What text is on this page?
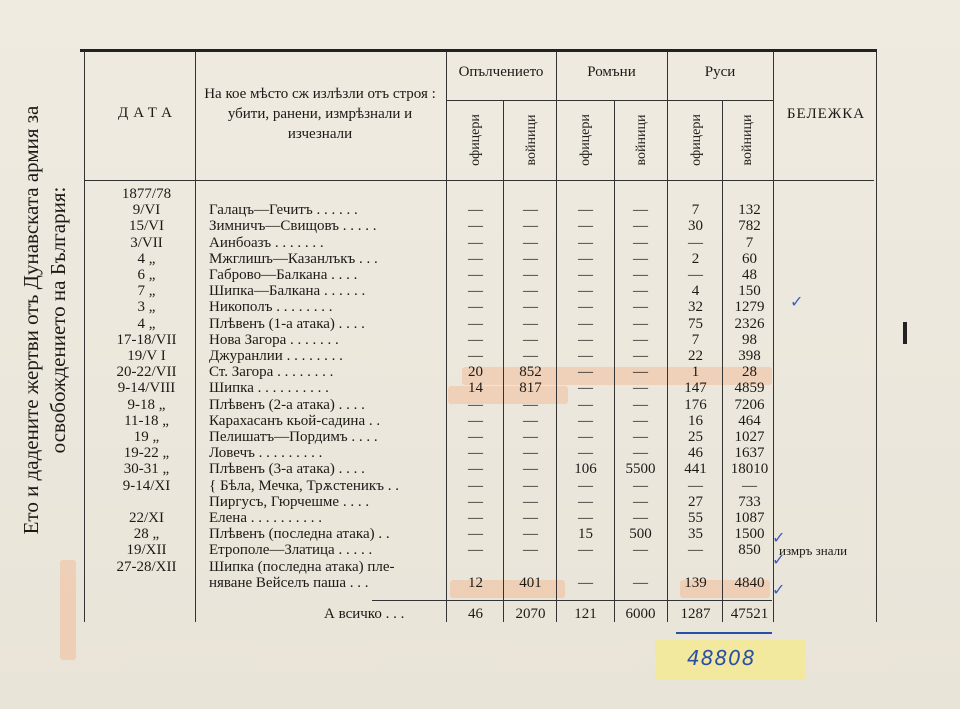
Ето и дадените жертви отъ Дунавската армия за освобождението на България:
ДАТА
На кое мѣсто сж излѣзли отъ строя : убити, ранени, измрѣзнали и изчезнали
Опълчението	Ромъни	Руси
офицери	войници	офицери	войници	офицери	войници
БЕЛЕЖКА
1877/78
9/VI	Галацъ—Гечитъ . . . . . .	—	—	—	—	7	132
15/VI	Зимничъ—Свищовъ . . . . .	—	—	—	—	30	782
3/VII	Аинбоазъ . . . . . . .	—	—	—	—	—	7
4 „	Мжглишъ—Казанлъкъ . . .	—	—	—	—	2	60
6 „	Габрово—Балкана . . . .	—	—	—	—	—	48
7 „	Шипка—Балкана . . . . . .	—	—	—	—	4	150
3 „	Никополъ . . . . . . . .	—	—	—	—	32	1279
4 „	Плѣвенъ (1-а атака) . . . .	—	—	—	—	75	2326
17-18/VII	Нова Загора . . . . . . .	—	—	—	—	7	98
19/V I	Джуранлии . . . . . . . .	—	—	—	—	22	398
20-22/VII	Ст. Загора . . . . . . . .	20	852	—	—	1	28
9-14/VIII	Шипка . . . . . . . . . .	14	817	—	—	147	4859
9-18 „	Плѣвенъ (2-а атака) . . . .	—	—	—	—	176	7206
11-18 „	Карахасанъ кьой-садина . .	—	—	—	—	16	464
19 „	Пелишатъ—Пордимъ . . . .	—	—	—	—	25	1027
19-22 „	Ловечъ . . . . . . . . .	—	—	—	—	46	1637
30-31 „	Плѣвенъ (3-а атака) . . . .	—	—	106	5500	441	18010
9-14/XI	{ Бѣла, Мечка, Трѫстеникъ . .	—	—	—	—	—	—
Пиргусъ, Гюрчешме . . . .	—	—	—	—	27	733
22/XI	Елена . . . . . . . . . .	—	—	—	—	55	1087
28 „	Плѣвенъ (последна атака) . .	—	—	15	500	35	1500
19/XII	Етрополе—Златица . . . . .	—	—	—	—	—	850	измръ знали
27-28/XII	Шипка (последна атака) пле-
няване Вейселъ паша . . .	12	401	—	—	139	4840
А всичко . . .	46	2070	121	6000	1287	47521
48808
✓
✓
✓
✓
